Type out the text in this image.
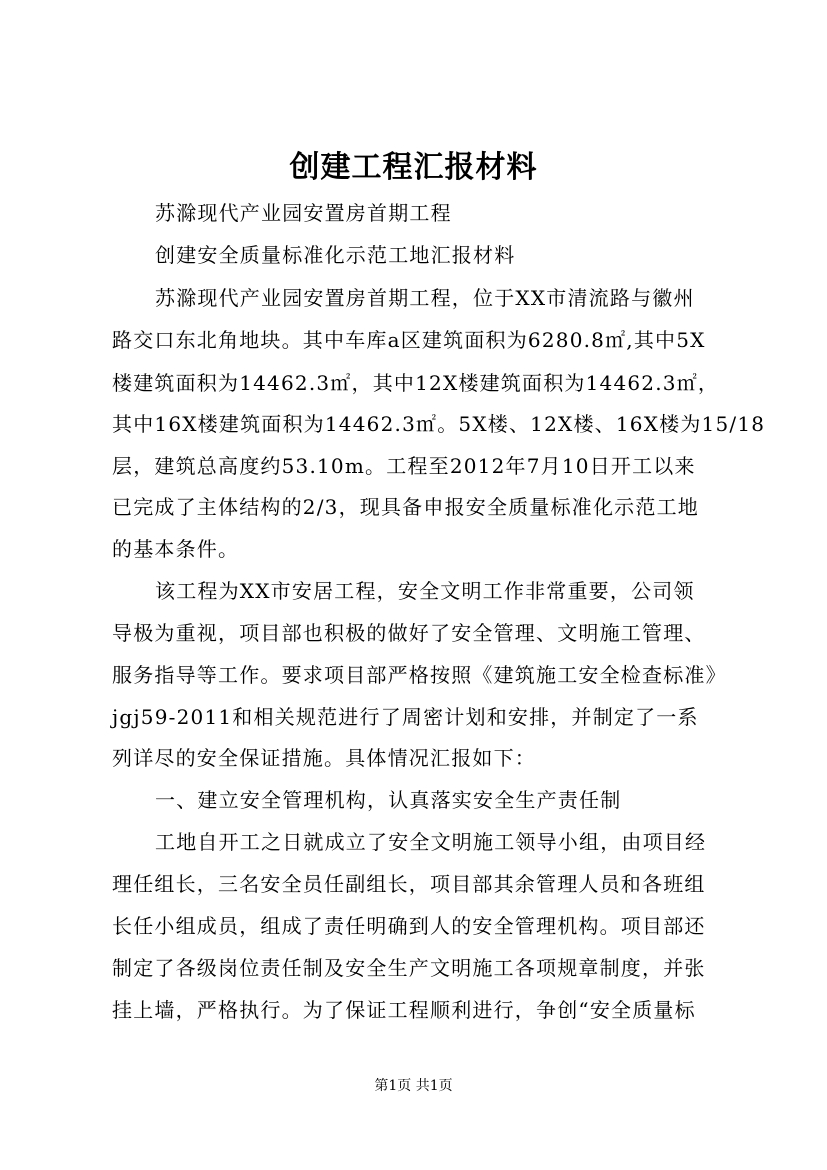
创建工程汇报材料
苏滁现代产业园安置房首期工程
创建安全质量标准化示范工地汇报材料
苏滁现代产业园安置房首期工程，位于XX市清流路与徽州
路交口东北角地块。其中车库a区建筑面积为6280.8㎡,其中5X
楼建筑面积为14462.3㎡，其中12X楼建筑面积为14462.3㎡，
其中16X楼建筑面积为14462.3㎡。5X楼、12X楼、16X楼为15/18
层，建筑总高度约53.10m。工程至2012年7月10日开工以来
已完成了主体结构的2/3，现具备申报安全质量标准化示范工地
的基本条件。
该工程为XX市安居工程，安全文明工作非常重要，公司领
导极为重视，项目部也积极的做好了安全管理、文明施工管理、
服务指导等工作。要求项目部严格按照《建筑施工安全检查标准》
jgj59-2011和相关规范进行了周密计划和安排，并制定了一系
列详尽的安全保证措施。具体情况汇报如下：
一、建立安全管理机构，认真落实安全生产责任制
工地自开工之日就成立了安全文明施工领导小组，由项目经
理任组长，三名安全员任副组长，项目部其余管理人员和各班组
长任小组成员，组成了责任明确到人的安全管理机构。项目部还
制定了各级岗位责任制及安全生产文明施工各项规章制度，并张
挂上墙，严格执行。为了保证工程顺利进行，争创“安全质量标
第1页 共1页
